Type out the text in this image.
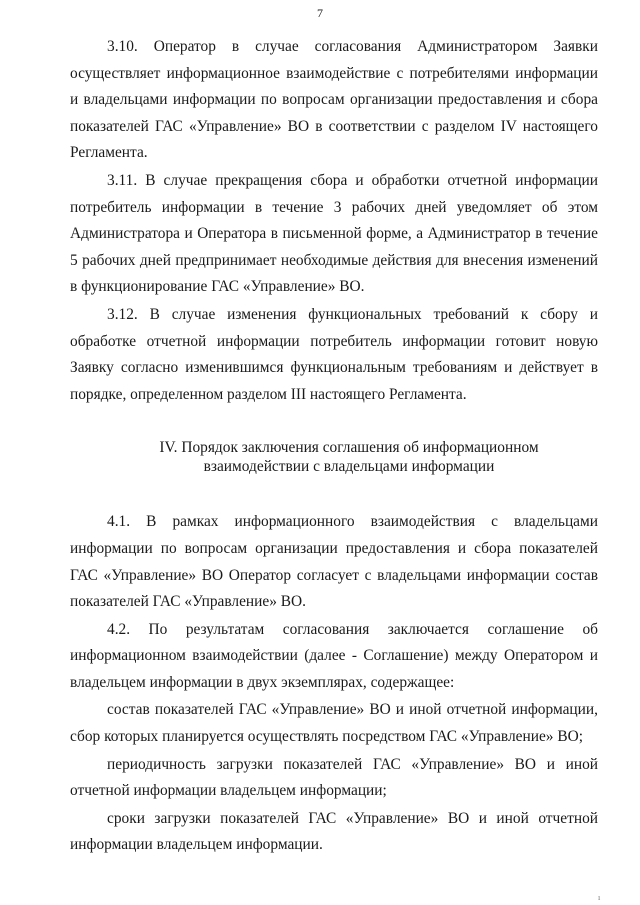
7

3.10. Оператор в случае согласования Администратором Заявки осуществляет информационное взаимодействие с потребителями информации и владельцами информации по вопросам организации предоставления и сбора показателей ГАС «Управление» ВО в соответствии с разделом IV настоящего Регламента.

3.11. В случае прекращения сбора и обработки отчетной информации потребитель информации в течение 3 рабочих дней уведомляет об этом Администратора и Оператора в письменной форме, а Администратор в течение 5 рабочих дней предпринимает необходимые действия для внесения изменений в функционирование ГАС «Управление» ВО.

3.12. В случае изменения функциональных требований к сбору и обработке отчетной информации потребитель информации готовит новую Заявку согласно изменившимся функциональным требованиям и действует в порядке, определенном разделом III настоящего Регламента.

IV. Порядок заключения соглашения об информационном
взаимодействии с владельцами информации

4.1. В рамках информационного взаимодействия с владельцами информации по вопросам организации предоставления и сбора показателей ГАС «Управление» ВО Оператор согласует с владельцами информации состав показателей ГАС «Управление» ВО.

4.2. По результатам согласования заключается соглашение об информационном взаимодействии (далее - Соглашение) между Оператором и владельцем информации в двух экземплярах, содержащее:

состав показателей ГАС «Управление» ВО и иной отчетной информации, сбор которых планируется осуществлять посредством ГАС «Управление» ВО;

периодичность загрузки показателей ГАС «Управление» ВО и иной отчетной информации владельцем информации;

сроки загрузки показателей ГАС «Управление» ВО и иной отчетной информации владельцем информации.

ı
